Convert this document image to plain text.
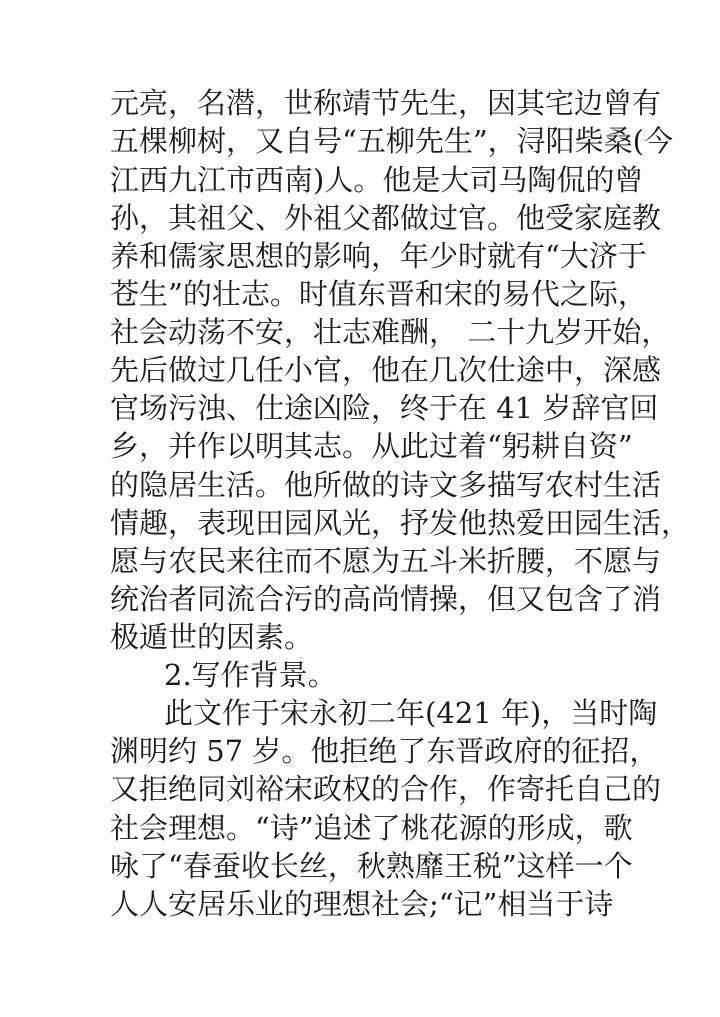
元亮，名潜，世称靖节先生，因其宅边曾有

五棵柳树，又自号“五柳先生”，浔阳柴桑(今

江西九江市西南)人。他是大司马陶侃的曾

孙，其祖父、外祖父都做过官。他受家庭教

养和儒家思想的影响，年少时就有“大济于

苍生”的壮志。时值东晋和宋的易代之际，

社会动荡不安，壮志难酬， 二十九岁开始，

先后做过几任小官，他在几次仕途中，深感

官场污浊、仕途凶险，终于在 41 岁辞官回

乡，并作以明其志。从此过着“躬耕自资”

的隐居生活。他所做的诗文多描写农村生活

情趣，表现田园风光，抒发他热爱田园生活，

愿与农民来往而不愿为五斗米折腰，不愿与

统治者同流合污的高尚情操，但又包含了消

极遁世的因素。

2.写作背景。

此文作于宋永初二年(421 年)，当时陶

渊明约 57 岁。他拒绝了东晋政府的征招，

又拒绝同刘裕宋政权的合作，作寄托自己的

社会理想。“诗”追述了桃花源的形成，歌

咏了“春蚕收长丝，秋熟靡王税”这样一个

人人安居乐业的理想社会;“记”相当于诗
